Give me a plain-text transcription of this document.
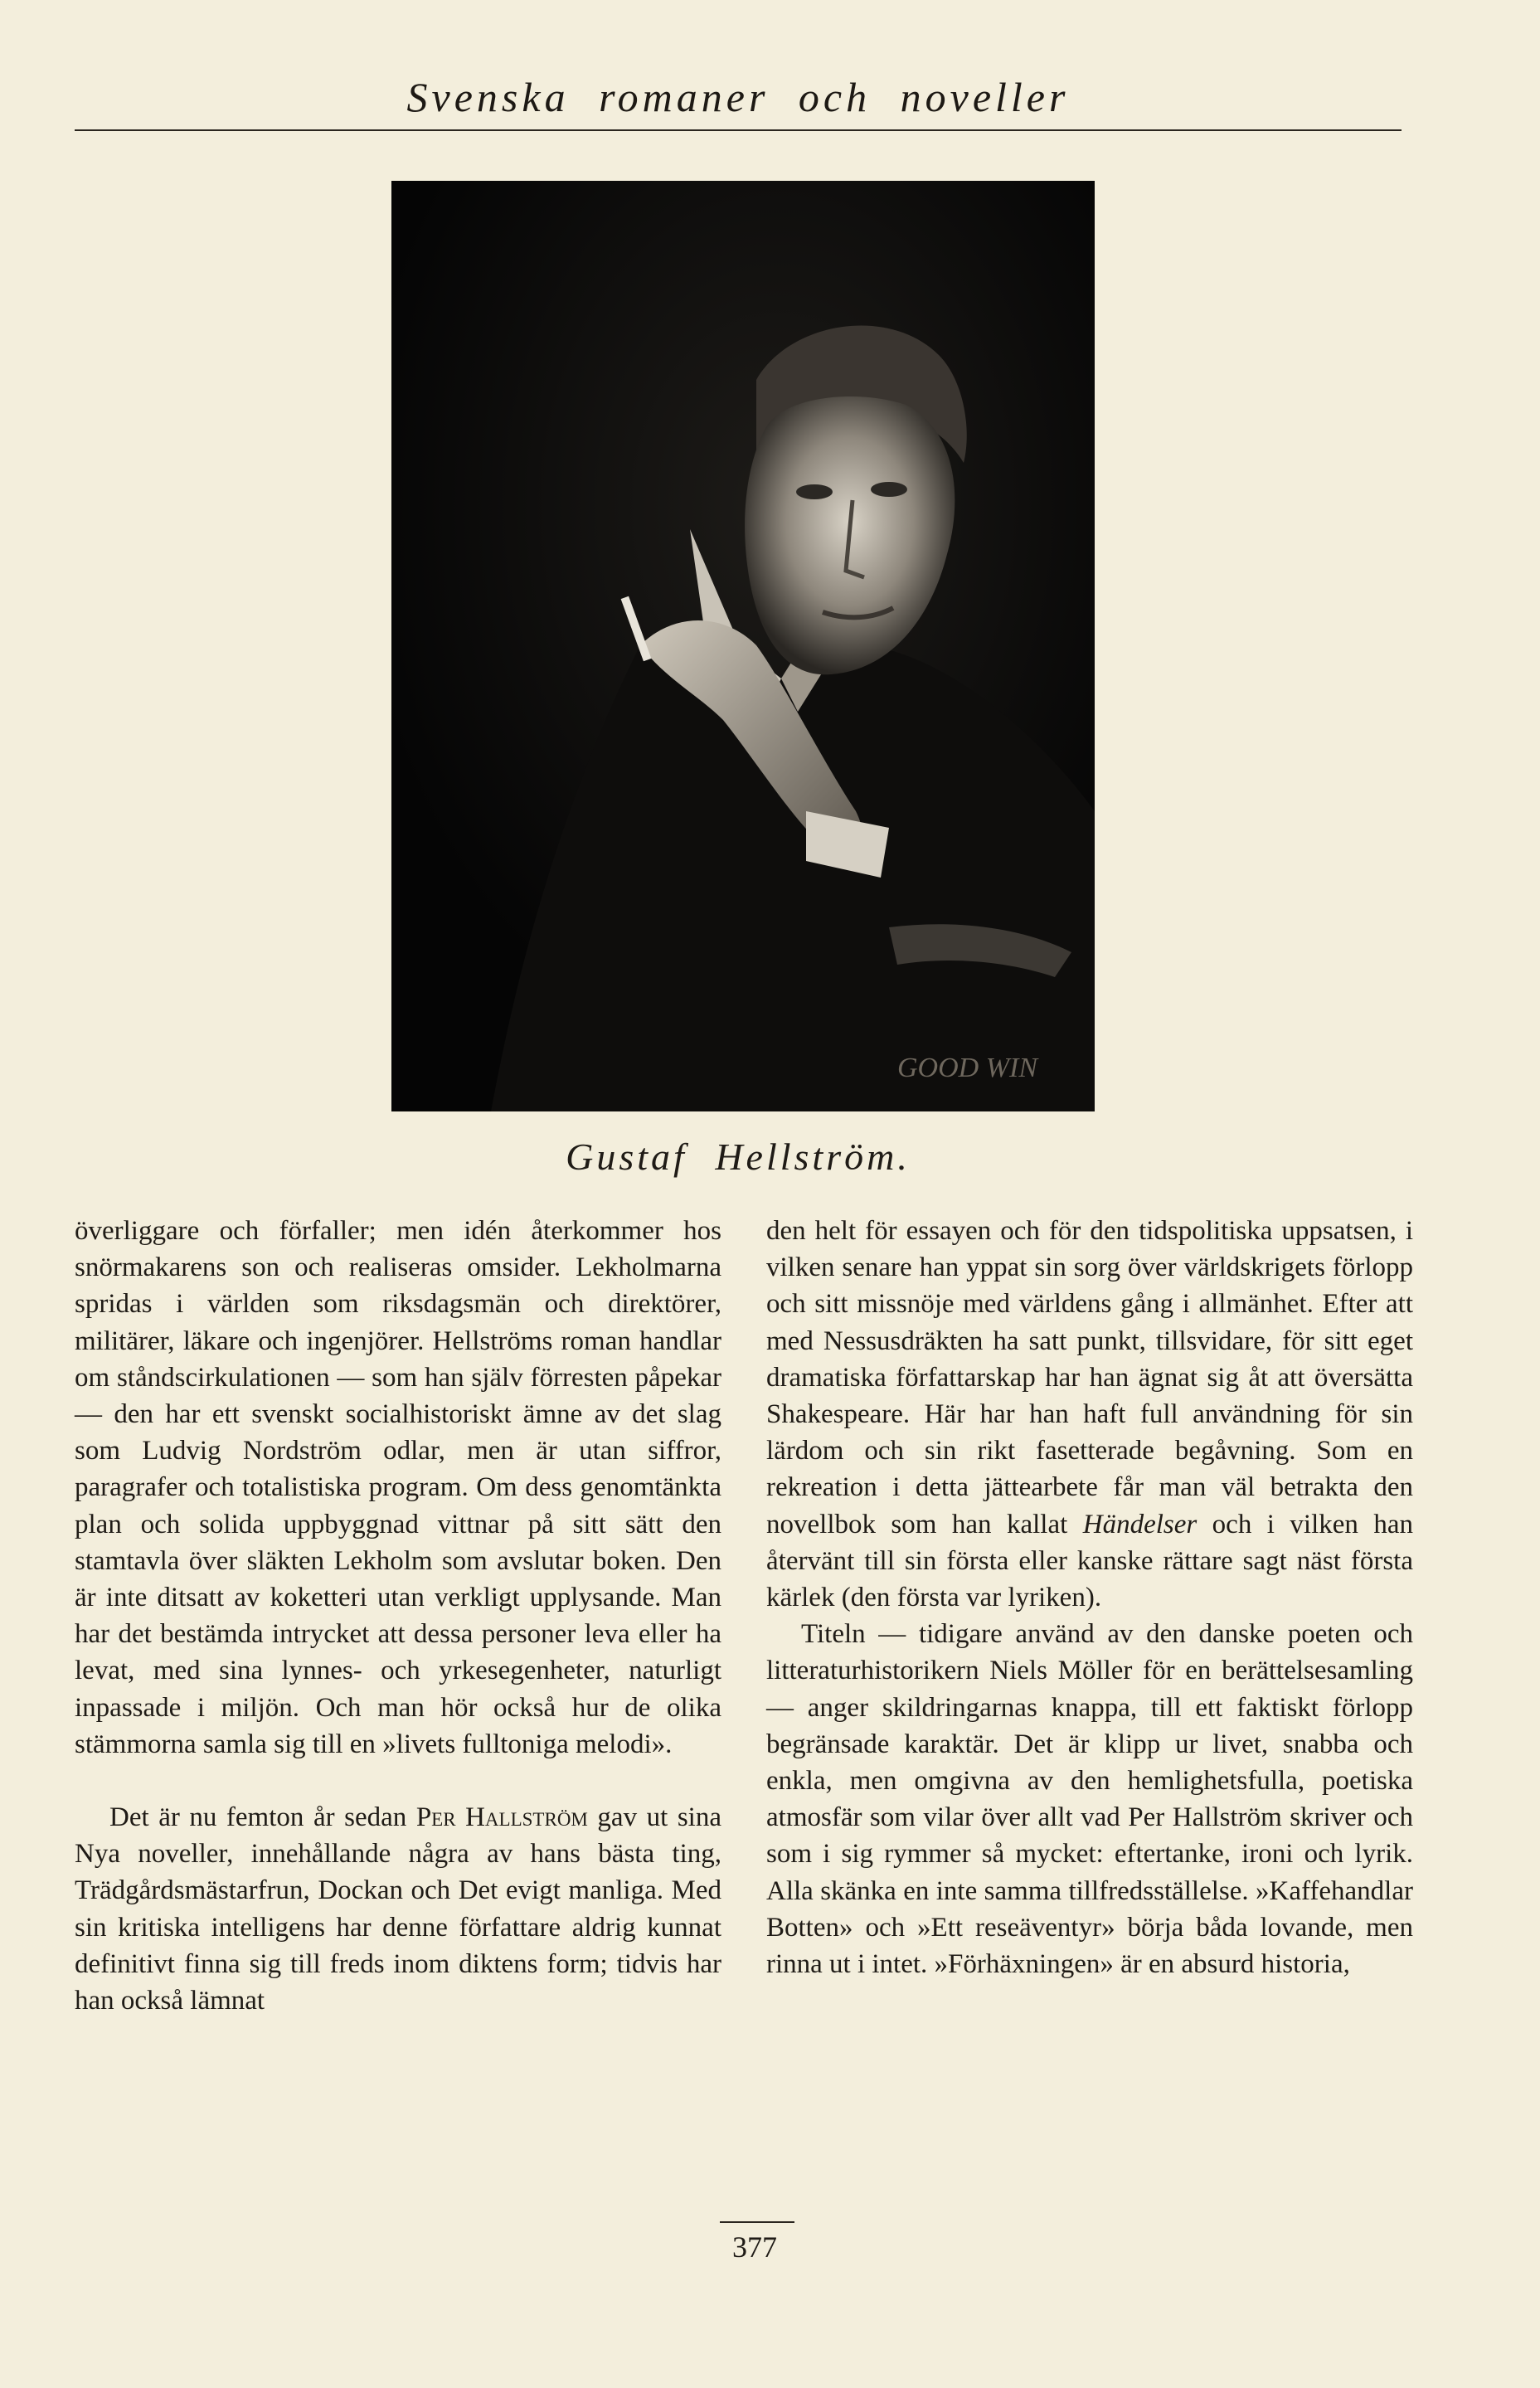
Svenska romaner och noveller
GOOD WIN
Gustaf Hellström.

överliggare och förfaller; men idén återkommer hos snörmakarens son och realiseras omsider. Lekholmarna spridas i världen som riksdagsmän och direktörer, militärer, läkare och ingenjörer. Hellströms roman handlar om ståndscirkulationen — som han själv förresten påpekar — den har ett svenskt socialhistoriskt ämne av det slag som Ludvig Nordström odlar, men är utan siffror, paragrafer och totalistiska program. Om dess genomtänkta plan och solida uppbyggnad vittnar på sitt sätt den stamtavla över släkten Lekholm som avslutar boken. Den är inte ditsatt av koketteri utan verkligt upplysande. Man har det bestämda intrycket att dessa personer leva eller ha levat, med sina lynnes- och yrkesegenheter, naturligt inpassade i miljön. Och man hör också hur de olika stämmorna samla sig till en »livets fulltoniga melodi».

Det är nu femton år sedan Per Hallström gav ut sina Nya noveller, innehållande några av hans bästa ting, Trädgårdsmästarfrun, Dockan och Det evigt manliga. Med sin kritiska intelligens har denne författare aldrig kunnat definitivt finna sig till freds inom diktens form; tidvis har han också lämnat

den helt för essayen och för den tidspolitiska uppsatsen, i vilken senare han yppat sin sorg över världskrigets förlopp och sitt missnöje med världens gång i allmänhet. Efter att med Nessusdräkten ha satt punkt, tillsvidare, för sitt eget dramatiska författarskap har han ägnat sig åt att översätta Shakespeare. Här har han haft full användning för sin lärdom och sin rikt fasetterade begåvning. Som en rekreation i detta jättearbete får man väl betrakta den novellbok som han kallat Händelser och i vilken han återvänt till sin första eller kanske rättare sagt näst första kärlek (den första var lyriken).

Titeln — tidigare använd av den danske poeten och litteraturhistorikern Niels Möller för en berättelsesamling — anger skildringarnas knappa, till ett faktiskt förlopp begränsade karaktär. Det är klipp ur livet, snabba och enkla, men omgivna av den hemlighetsfulla, poetiska atmosfär som vilar över allt vad Per Hallström skriver och som i sig rymmer så mycket: eftertanke, ironi och lyrik. Alla skänka en inte samma tillfredsställelse. »Kaffehandlar Botten» och »Ett reseäventyr» börja båda lovande, men rinna ut i intet. »Förhäxningen» är en absurd historia,

377
